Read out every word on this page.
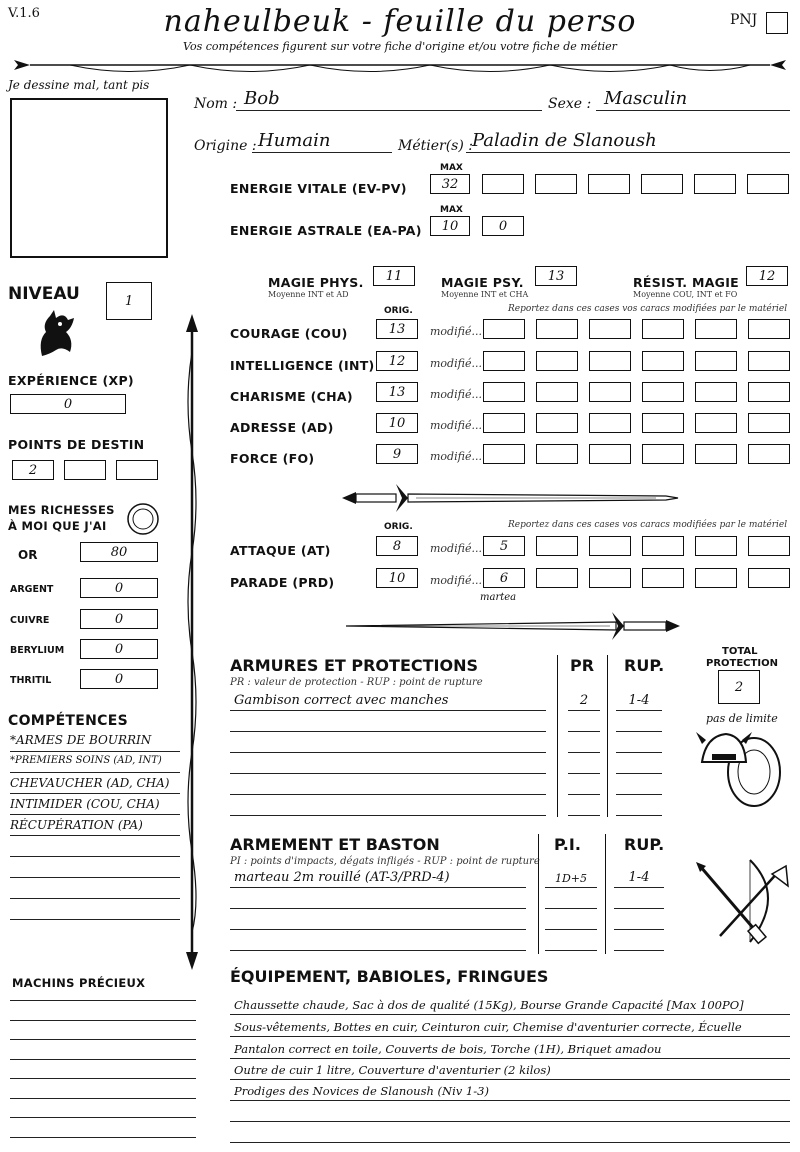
V.1.6	naheulbeuk - feuille du perso
Vos compétences figurent sur votre fiche d'origine et/ou votre fiche de métier
PNJ
Je dessine mal, tant pis
Nom : Bob	Sexe : Masculin
Origine : Humain	Métier(s) : Paladin de Slanoush
MAX
ENERGIE VITALE (EV-PV)	32
MAX
ENERGIE ASTRALE (EA-PA)	10	0
MAGIE PHYS.	11
Moyenne INT et AD
MAGIE PSY.	13
Moyenne INT et CHA
RÉSIST. MAGIE	12
Moyenne COU, INT et FO
NIVEAU	1
EXPÉRIENCE (XP)
0
POINTS DE DESTIN
2
MES RICHESSES
À MOI QUE J'AI
COMPÉTENCES
MACHINS PRÉCIEUX
ORIG.	Reportez dans ces cases vos caracs modifiées par le matériel
ORIG.	Reportez dans ces cases vos caracs modifiées par le matériel
martea
ARMURES ET PROTECTIONS	PR RUP.
PR : valeur de protection - RUP : point de rupture
TOTAL
PROTECTION
2
pas de limite
ARMEMENT ET BASTON	P.I.	RUP.
PI : points d'impacts, dégats infligés - RUP : point de rupture
ÉQUIPEMENT, BABIOLES, FRINGUES
OR	80
ARGENT	0
CUIVRE	0
BERYLIUM	0
THRITIL	0
*ARMES DE BOURRIN
*PREMIERS SOINS (AD, INT)
CHEVAUCHER (AD, CHA)
INTIMIDER (COU, CHA)
RÉCUPÉRATION (PA)
COURAGE (COU)	13	modifié...
INTELLIGENCE (INT)	12	modifié...
CHARISME (CHA)	13	modifié...
ADRESSE (AD)	10	modifié...
FORCE (FO)	9	modifié...
ATTAQUE (AT)	8	modifié...	5
PARADE (PRD)	10	modifié...	6
Gambison correct avec manches	2	1-4
marteau 2m rouillé (AT-3/PRD-4)	1D+5	1-4
Chaussette chaude, Sac à dos de qualité (15Kg), Bourse Grande Capacité [Max 100PO]
Sous-vêtements, Bottes en cuir, Ceinturon cuir, Chemise d'aventurier correcte, Écuelle
Pantalon correct en toile, Couverts de bois, Torche (1H), Briquet amadou
Outre de cuir 1 litre, Couverture d'aventurier (2 kilos)
Prodiges des Novices de Slanoush (Niv 1-3)
